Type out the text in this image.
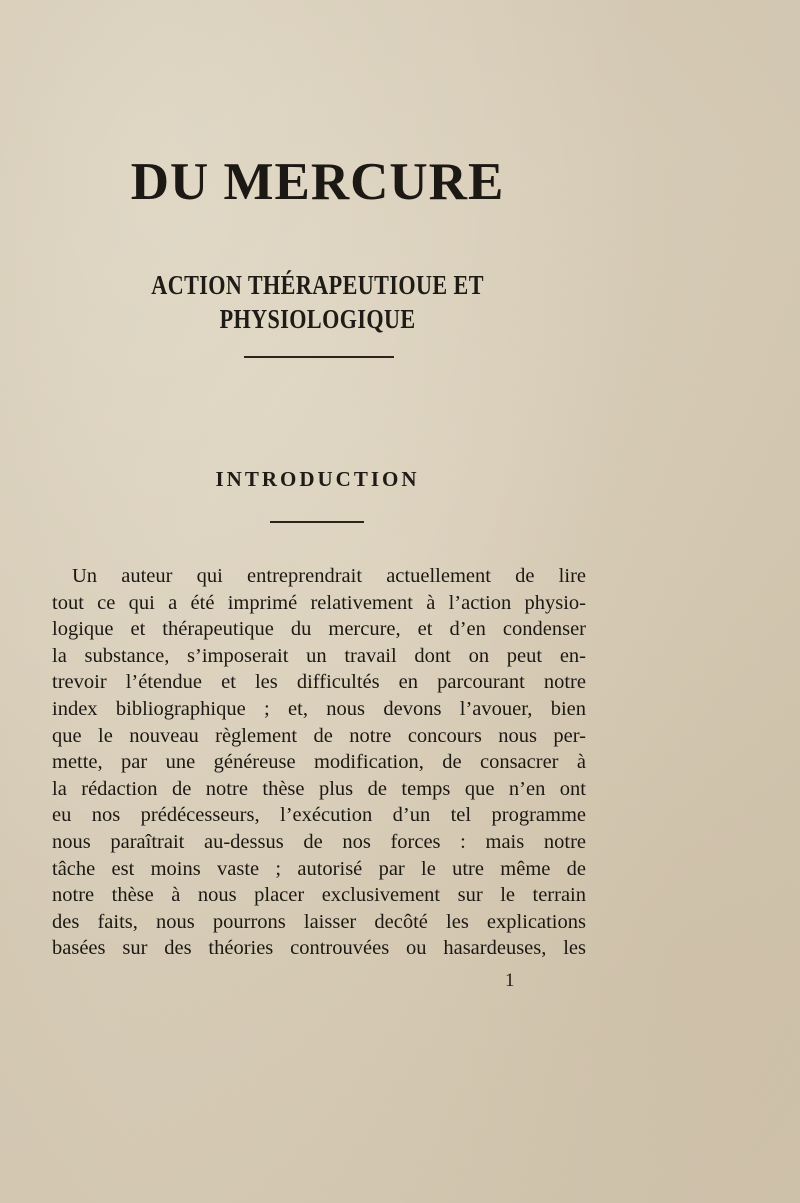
DU MERCURE
ACTION THÉRAPEUTIOUE ET PHYSIOLOGIQUE
INTRODUCTION
Un auteur qui entreprendrait actuellement de lire
tout ce qui a été imprimé relativement à l’action physio-
logique et thérapeutique du mercure, et d’en condenser
la substance, s’imposerait un travail dont on peut en-
trevoir l’étendue et les difficultés en parcourant notre
index bibliographique ; et, nous devons l’avouer, bien
que le nouveau règlement de notre concours nous per-
mette, par une généreuse modification, de consacrer à
la rédaction de notre thèse plus de temps que n’en ont
eu nos prédécesseurs, l’exécution d’un tel programme
nous paraîtrait au-dessus de nos forces : mais notre
tâche est moins vaste ; autorisé par le utre même de
notre thèse à nous placer exclusivement sur le terrain
des faits, nous pourrons laisser decôté les explications
basées sur des théories controuvées ou hasardeuses, les
1
